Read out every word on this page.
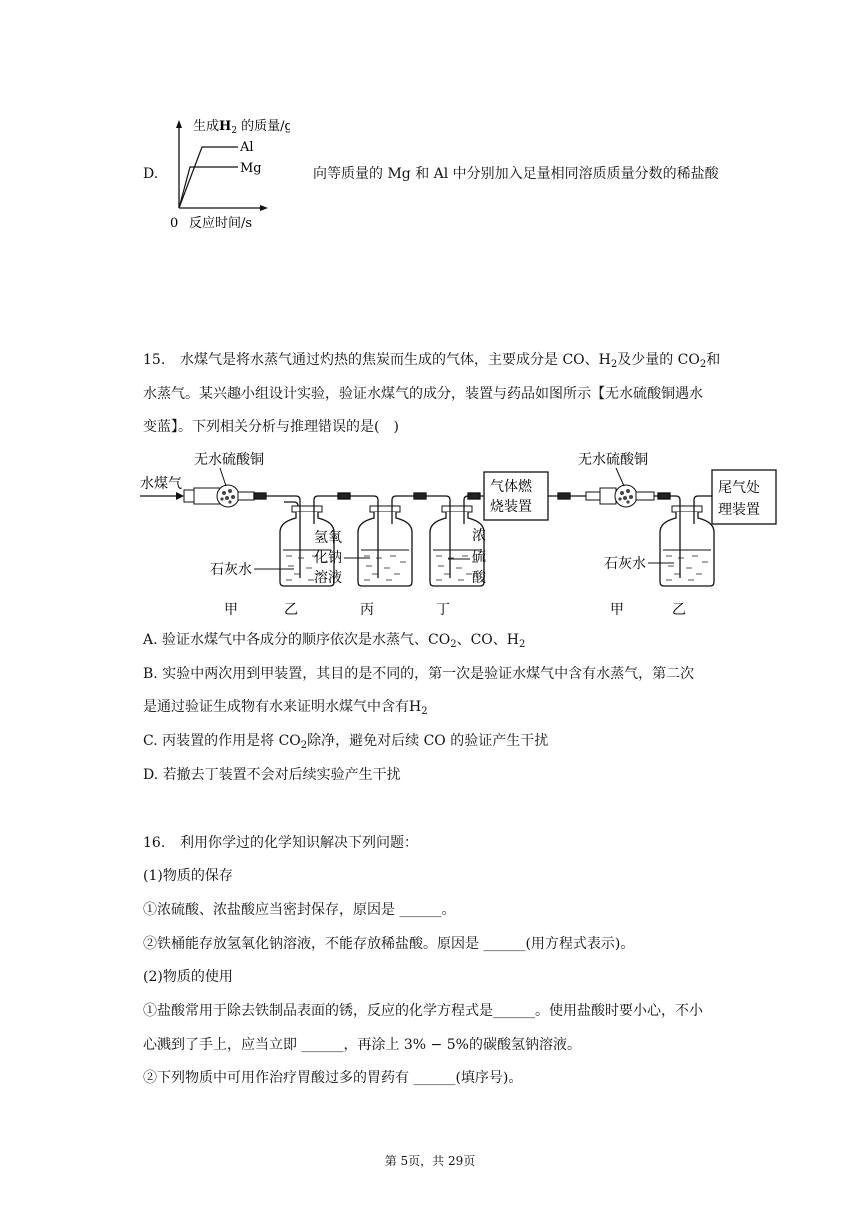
D.
Al
Mg
生成$H_2$ 的质量/g
0 反应时间/s
向等质量的 Mg 和 Al 中分别加入足量相同溶质质量分数的稀盐酸
15. 水煤气是将水蒸气通过灼热的焦炭而生成的气体，主要成分是 CO、$H_2$及少量的 $CO_2$和
水蒸气。某兴趣小组设计实验，验证水煤气的成分，装置与药品如图所示【无水硫酸铜遇水
变蓝】。下列相关分析与推理错误的是(　)
水煤气
无水硫酸铜
气体燃
烧装置
无水硫酸铜
尾气处
理装置
石灰水
氢氧
化钠
溶液
浓
硫
酸
石灰水
甲	乙	丙	丁	甲	乙
A. 验证水煤气中各成分的顺序依次是水蒸气、$CO_2$、CO、$H_2$
B. 实验中两次用到甲装置，其目的是不同的，第一次是验证水煤气中含有水蒸气，第二次
是通过验证生成物有水来证明水煤气中含有$H_2$
C. 丙装置的作用是将 $CO_2$除净，避免对后续 CO 的验证产生干扰
D. 若撤去丁装置不会对后续实验产生干扰
16. 利用你学过的化学知识解决下列问题：
(1)物质的保存
①浓硫酸、浓盐酸应当密封保存，原因是 ______。
②铁桶能存放氢氧化钠溶液，不能存放稀盐酸。原因是 ______(用方程式表示)。
(2)物质的使用
①盐酸常用于除去铁制品表面的锈，反应的化学方程式是______。使用盐酸时要小心，不小
心溅到了手上，应当立即 ______，再涂上 3% − 5%的碳酸氢钠溶液。
②下列物质中可用作治疗胃酸过多的胃药有 ______(填序号)。
第 5页，共 29页
